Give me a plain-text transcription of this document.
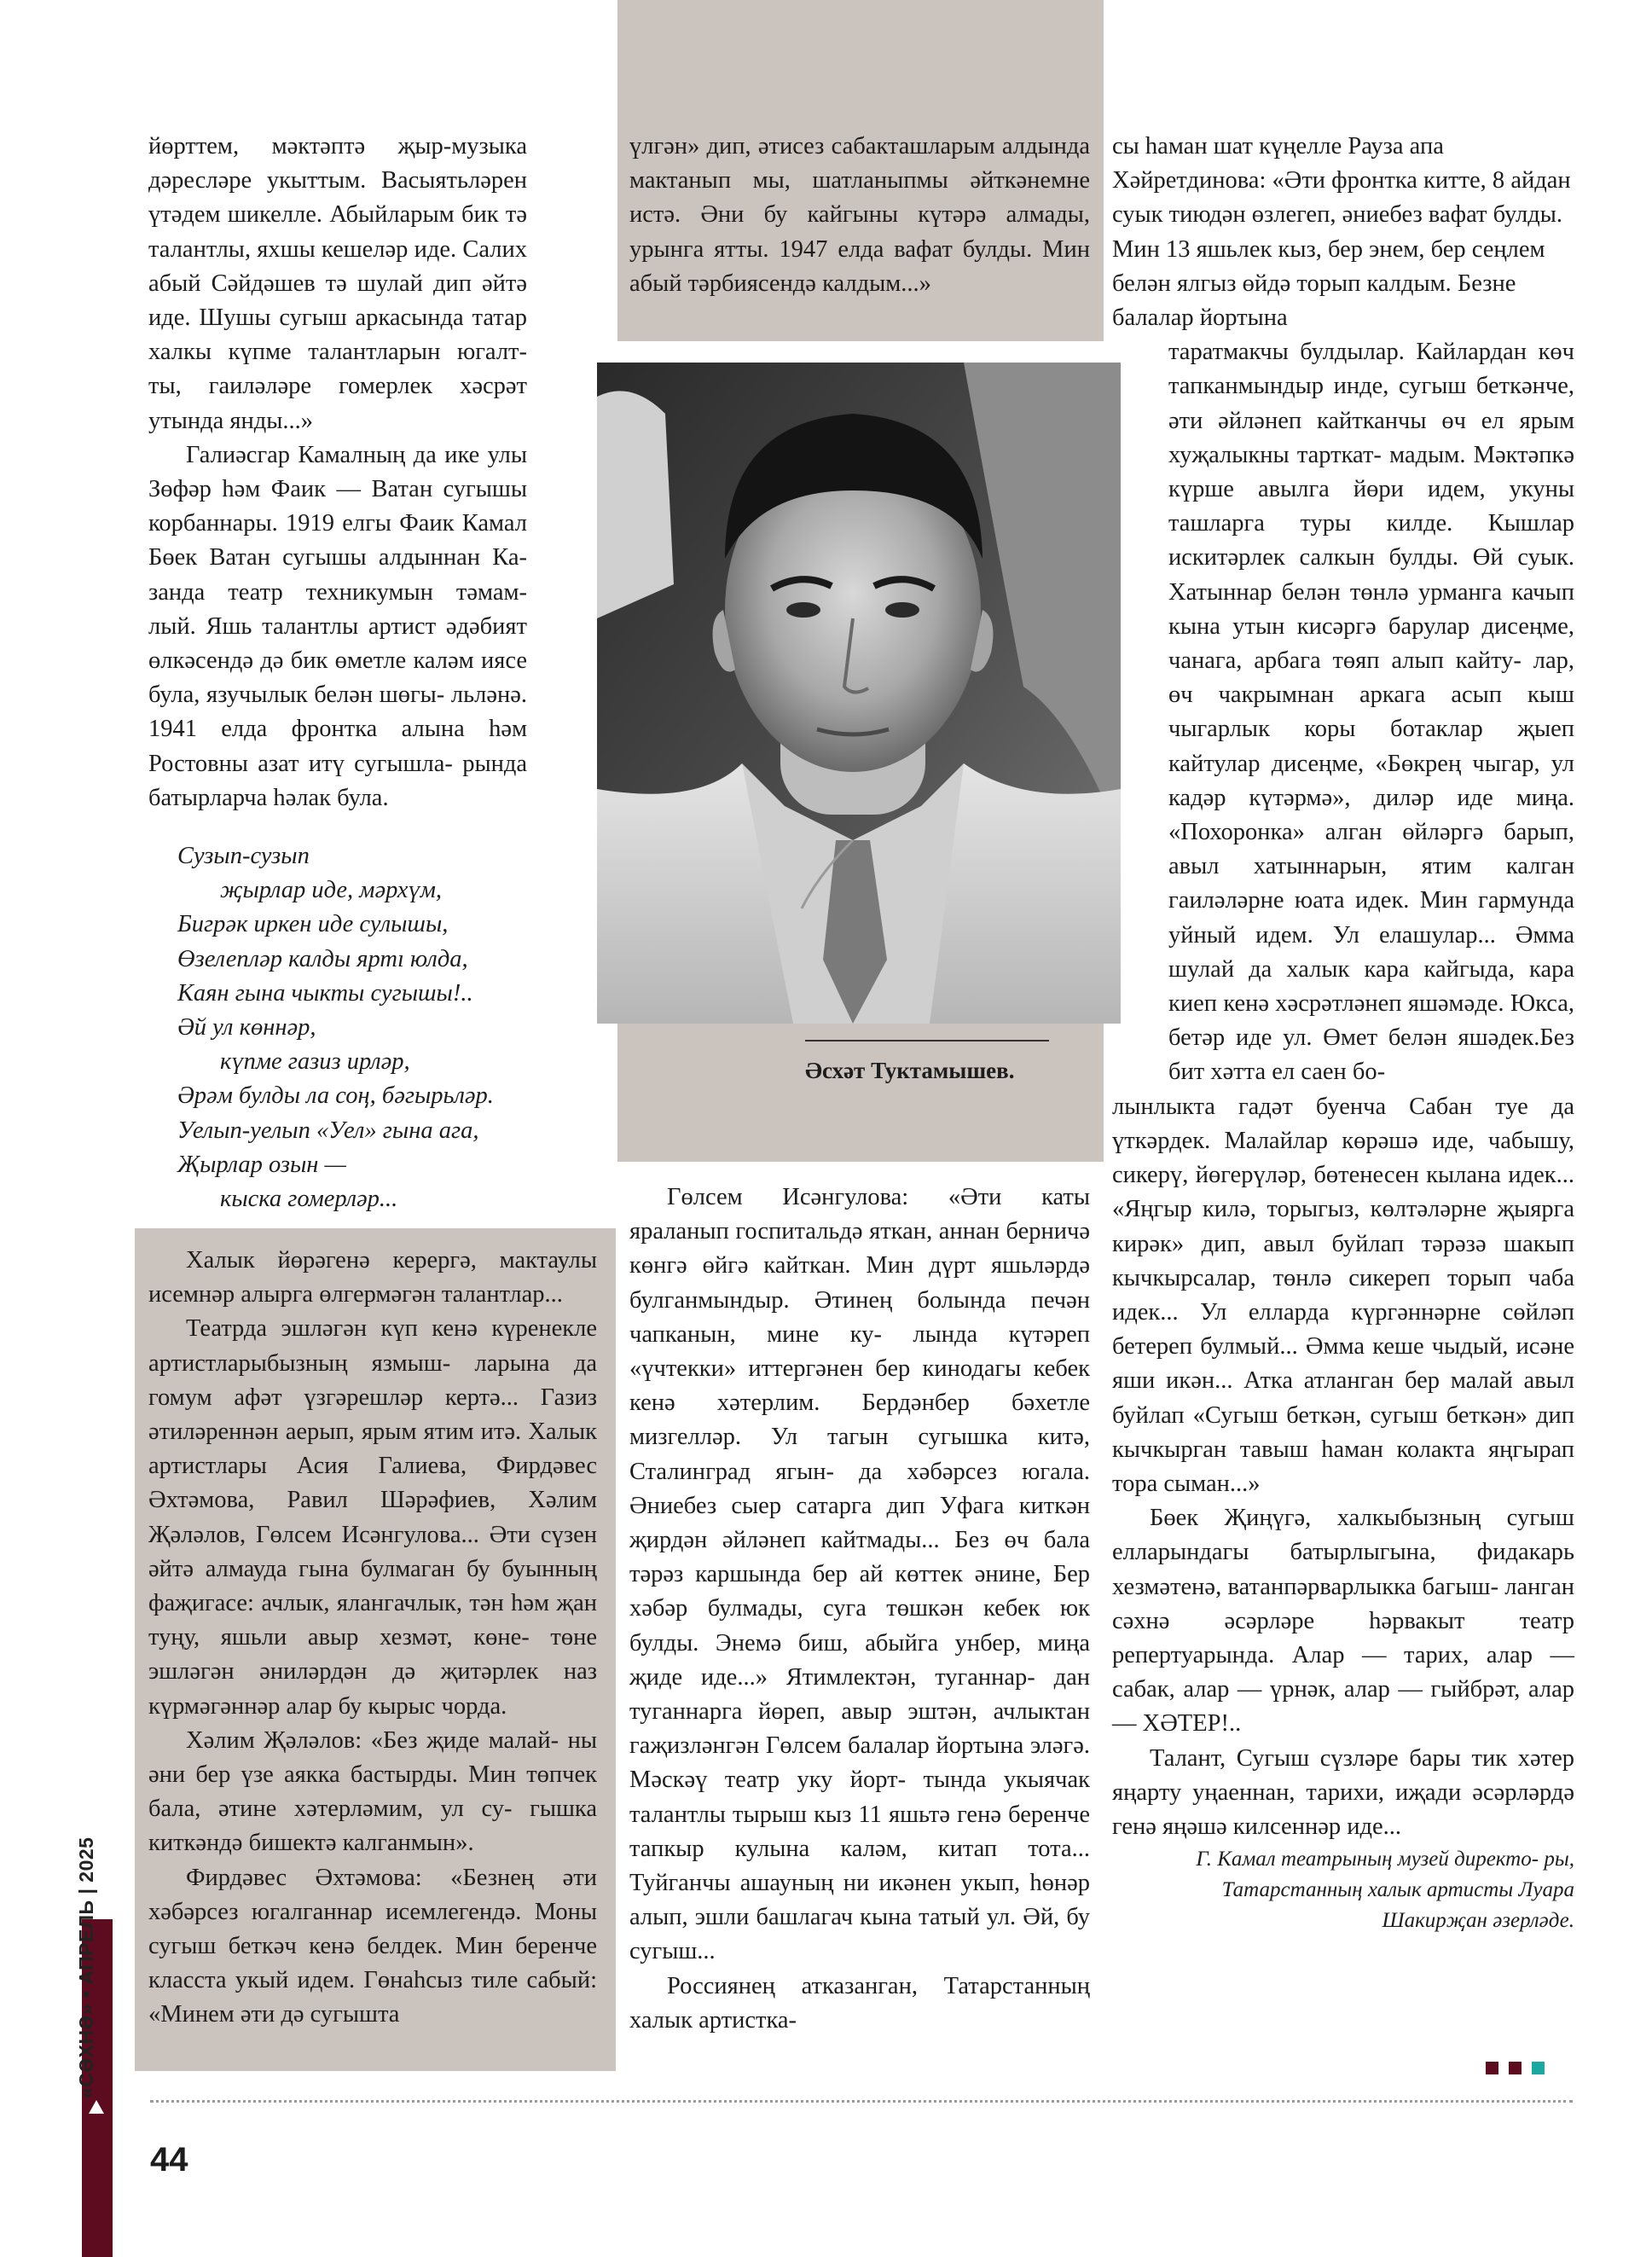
йөрттем, мәктәптә җыр-музыка дәресләре укыттым. Васыятьләрен үтәдем шикелле. Абыйларым бик тә талантлы, яхшы кешеләр иде. Салих абый Сәйдәшев тә шулай дип әйтә иде. Шушы сугыш аркасында татар халкы күпме талантларын югалт- ты, гаиләләре гомерлек хәсрәт утында янды...»

Галиәсгар Камалның да ике улы Зөфәр һәм Фаик — Ватан сугышы корбаннары. 1919 елгы Фаик Камал Бөек Ватан сугышы алдыннан Ка- занда театр техникумын тәмам- лый. Яшь талантлы артист әдәбият өлкәсендә дә бик өметле каләм иясе була, язучылык белән шөгы- льләнә. 1941 елда фронтка алына һәм Ростовны азат итү сугышла- рында батырларча һәлак була.

Сузып-сузып
җырлар иде, мәрхүм,
Бигрәк иркен иде сулышы,
Өзелепләр калды яртı юлда,
Каян гына чыкты сугышы!..
Әй ул көннәр,
күпме газиз ирләр,
Әрәм булды ла соң, бәгырьләр.
Уелып-уелып «Уел» гына ага,
Җырлар озын —
кыска гомерләр...

Халык йөрәгенә керергә, мактаулы исемнәр алырга өлгермәгән талантлар...

Театрда эшләгән күп кенә күренекле артистларыбызның язмыш- ларына да гомум афәт үзгәрешләр кертә... Газиз әтиләреннән аерып, ярым ятим итә. Халык артистлары Асия Галиева, Фирдәвес Әхтәмова, Равил Шәрәфиев, Хәлим Җәләлов, Гөлсем Исәнгулова... Әти сүзен әйтә алмауда гына булмаган бу буынның фаҗигасе: ачлык, ялангачлык, тән һәм җан туңу, яшьли авыр хезмәт, көне- төне эшләгән әниләрдән дә җитәрлек наз күрмәгәннәр алар бу кырыс чорда.

Хәлим Җәләлов: «Без җиде малай- ны әни бер үзе аякка бастырды. Мин төпчек бала, әтине хәтерләмим, ул су- гышка киткәндә бишектә калганмын».

Фирдәвес Әхтәмова: «Безнең әти хәбәрсез югалганнар исемлегендә. Моны сугыш беткәч кенә белдек. Мин беренче класста укый идем. Гөнаһсыз тиле сабый: «Минем әти дә сугышта

үлгән» дип, әтисез сабакташларым алдында мактанып мы, шатланыпмы әйткәнемне истә. Әни бу кайгыны күтәрә алмады, урынга ятты. 1947 елда вафат булды. Мин абый тәрбиясендә калдым...»

Әсхәт Туктамышев.

Гөлсем Исәнгулова: «Әти каты яраланып госпитальдә яткан, аннан берничә көнгә өйгә кайткан. Мин дүрт яшьләрдә булганмындыр. Әтинең болында печән чапканын, мине ку- лында күтәреп «үчтекки» иттергәнен бер кинодагы кебек кенә хәтерлим. Бердәнбер бәхетле мизгелләр. Ул тагын сугышка китә, Сталинград ягын- да хәбәрсез югала. Әниебез сыер сатарга дип Уфага киткән җирдән әйләнеп кайтмады... Без өч бала тәрәз каршында бер ай көттек әнине, Бер хәбәр булмады, суга төшкән кебек юк булды. Энемә биш, абыйга унбер, миңа җиде иде...» Ятимлектән, туганнар- дан туганнарга йөреп, авыр эштән, ачлыктан гаҗизләнгән Гөлсем балалар йортына эләгә. Мәскәү театр уку йорт- тында укыячак талантлы тырыш кыз 11 яшьтә генә беренче тапкыр кулына каләм, китап тота... Туйганчы ашауның ни икәнен укып, һөнәр алып, эшли башлагач кына татый ул. Әй, бу сугыш...

Россиянең атказанган, Татарстанның халык артистка-

сы һаман шат күңелле Рауза апа Хәйретдинова: «Әти фронтка китте, 8 айдан суык тиюдән өзлегеп, әниебез вафат булды. Мин 13 яшьлек кыз, бер энем, бер сеңлем белән ялгыз өйдә торып калдым. Безне балалар йортына

таратмакчы булдылар. Кайлардан көч тапканмындыр инде, сугыш беткәнче, әти әйләнеп кайтканчы өч ел ярым хуҗалыкны тарткат- мадым. Мәктәпкә күрше авылга йөри идем, укуны ташларга туры килде. Кышлар искитәрлек салкын булды. Өй суык. Хатыннар белән төнлә урманга качып кына утын кисәргә барулар дисеңме, чанага, арбага төяп алып кайту- лар, өч чакрымнан аркага асып кыш чыгарлык коры ботаклар җыеп кайтулар дисеңме, «Бөкрең чыгар, ул кадәр күтәрмә», диләр иде миңа. «Похоронка» алган өйләргә барып, авыл хатыннарын, ятим калган гаиләләрне юата идек. Мин гармунда уйный идем. Ул елашулар... Әмма шулай да халык кара кайгыда, кара киеп кенә хәсрәтләнеп яшәмәде. Юкса, бетәр иде ул. Өмет белән яшәдек.Без бит хәтта ел саен бо-

лынлыкта гадәт буенча Сабан туе да үткәрдек. Малайлар көрәшә иде, чабышу, сикерү, йөгерүләр, бөтенесен кылана идек... «Яңгыр килә, торыгыз, көлтәләрне җыярга кирәк» дип, авыл буйлап тәрәзә шакып кычкырсалар, төнлә сикереп торып чаба идек... Ул елларда күргәннәрне сөйләп бетереп булмый... Әмма кеше чыдый, исәне яши икән... Атка атланган бер малай авыл буйлап «Сугыш беткән, сугыш беткән» дип кычкырган тавыш һаман колакта яңгырап тора сыман...»

Бөек Җиңүгә, халкыбызның сугыш елларындагы батырлыгына, фидакарь хезмәтенә, ватанпәрварлыкка багыш- ланган сәхнә әсәрләре һәрвакыт театр репертуарында. Алар — тарих, алар — сабак, алар — үрнәк, алар — гыйбрәт, алар — ХӘТЕР!..

Талант, Сугыш сүзләре бары тик хәтер яңарту уңаеннан, тарихи, иҗади әсәрләрдә генә яңәшә килсеннәр иде...

Г. Камал театрының музей директо- ры, Татарстанның халык артисты Луара Шакирҗан әзерләде.

«СӘХНӘ» • АПРЕЛЬ | 2025
44
